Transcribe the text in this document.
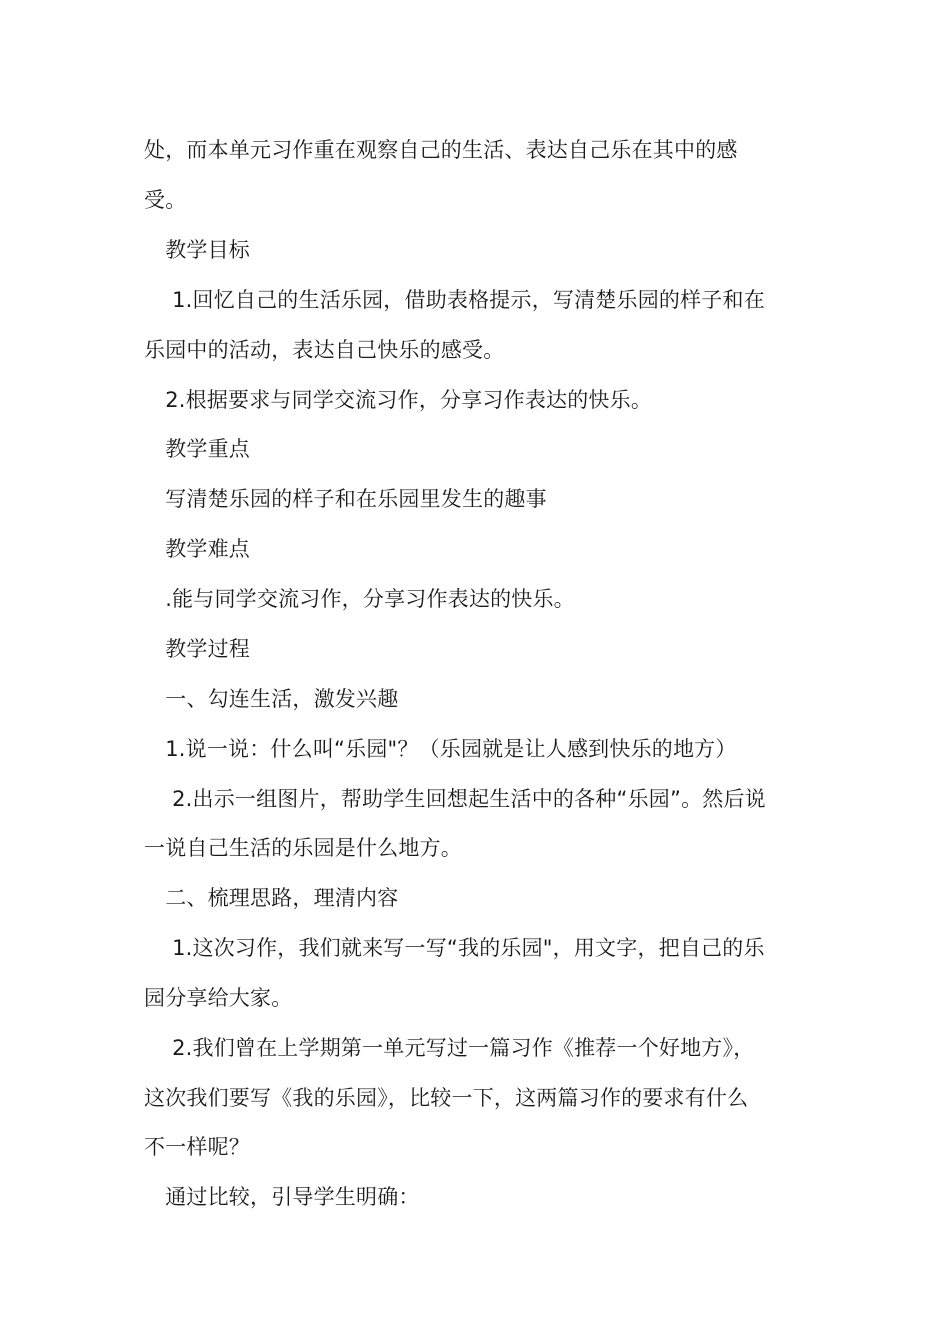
处，而本单元习作重在观察自己的生活、表达自己乐在其中的感
受。
　教学目标
　 1.回忆自己的生活乐园，借助表格提示，写清楚乐园的样子和在
乐园中的活动，表达自己快乐的感受。
　2.根据要求与同学交流习作，分享习作表达的快乐。
　教学重点
　写清楚乐园的样子和在乐园里发生的趣事
　教学难点
　.能与同学交流习作，分享习作表达的快乐。
　教学过程
　一、勾连生活，激发兴趣
　1.说一说：什么叫“乐园"？（乐园就是让人感到快乐的地方）
　 2.出示一组图片，帮助学生回想起生活中的各种“乐园”。然后说
一说自己生活的乐园是什么地方。
　二、梳理思路，理清内容
　 1.这次习作，我们就来写一写“我的乐园"，用文字，把自己的乐
园分享给大家。
　 2.我们曾在上学期第一单元写过一篇习作《推荐一个好地方》，
这次我们要写《我的乐园》，比较一下，这两篇习作的要求有什么
不一样呢？
　通过比较，引导学生明确：
